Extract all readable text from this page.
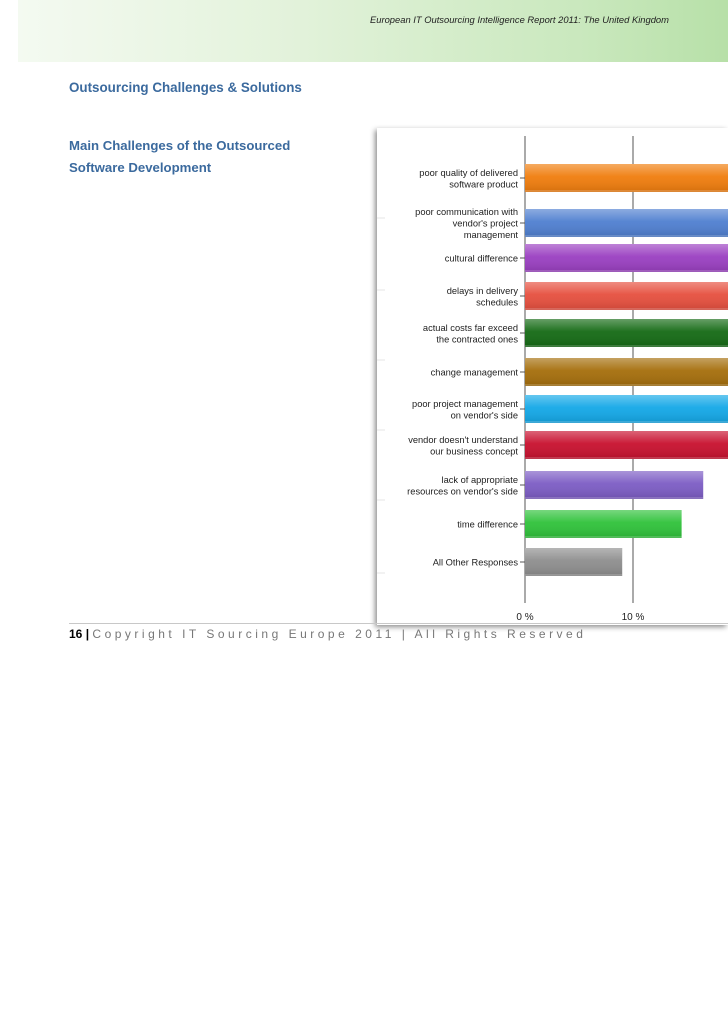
European IT Outsourcing Intelligence Report 2011: The United Kingdom
Outsourcing Challenges & Solutions
Main Challenges of the Outsourced Software Development	poor quality of delivered
software product
poor communication with
vendor's project
management
cultural difference
delays in delivery
schedules
actual costs far exceed
the contracted ones
change management
poor project management
on vendor's side
vendor doesn't understand
our business concept
lack of appropriate
resources on vendor's side
time difference
All Other Responses
0 %	10 %
16 | Copyright IT Sourcing Europe 2011 | All Rights Reserved
